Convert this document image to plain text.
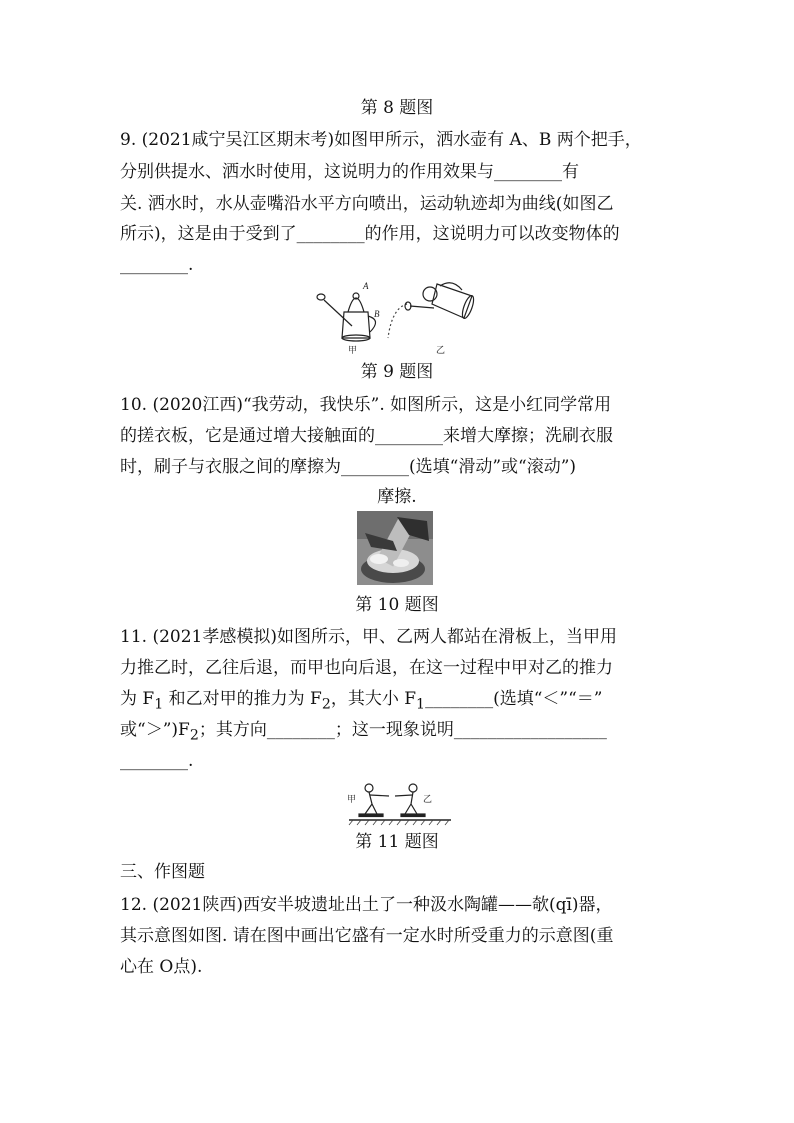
第 8 题图
9. (2021咸宁吴江区期末考)如图甲所示，洒水壶有 A、B 两个把手，
分别供提水、洒水时使用，这说明力的作用效果与________有
关. 洒水时，水从壶嘴沿水平方向喷出，运动轨迹却为曲线(如图乙
所示)，这是由于受到了________的作用，这说明力可以改变物体的
________.
A
B
甲	乙
第 9 题图
10. (2020江西)“我劳动，我快乐”. 如图所示，这是小红同学常用
的搓衣板，它是通过增大接触面的________来增大摩擦；洗刷衣服
时，刷子与衣服之间的摩擦为________(选填“滑动”或“滚动”)
摩擦.
第 10 题图
11. (2021孝感模拟)如图所示，甲、乙两人都站在滑板上，当甲用
力推乙时，乙往后退，而甲也向后退，在这一过程中甲对乙的推力
为 $F_1$ 和乙对甲的推力为 $F_2$，其大小 $F_1\_\_\_\_\_\_\_\_$(选填“＜”“＝”
或“$>”)F_2$；其方向________；这一现象说明__________________
________.
甲	乙
第 11 题图
三、作图题
12. (2021陕西)西安半坡遗址出土了一种汲水陶罐——欹(qī)器，
其示意图如图. 请在图中画出它盛有一定水时所受重力的示意图(重
心在 O点).
